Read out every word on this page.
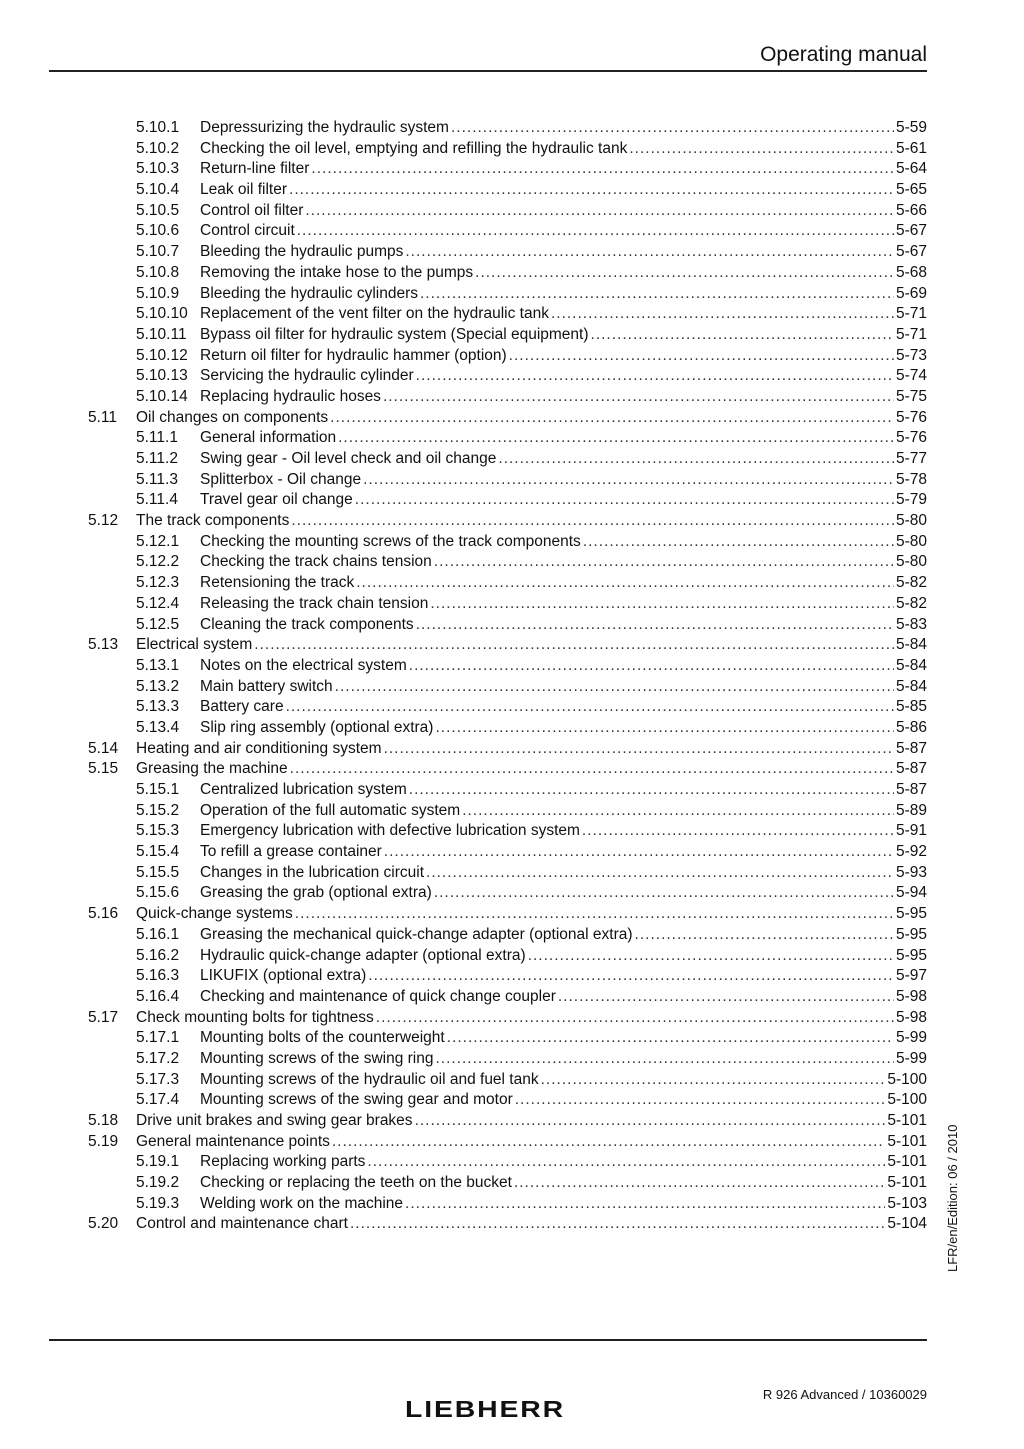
Operating manual
5.10.1	Depressurizing the hydraulic system .....	5-59
5.10.2	Checking the oil level, emptying and refilling the hydraulic tank .....	5-61
5.10.3	Return-line filter .....	5-64
5.10.4	Leak oil filter .....	5-65
5.10.5	Control oil filter .....	5-66
5.10.6	Control circuit .....	5-67
5.10.7	Bleeding the hydraulic pumps .....	5-67
5.10.8	Removing the intake hose to the pumps .....	5-68
5.10.9	Bleeding the hydraulic cylinders .....	5-69
5.10.10 Replacement of the vent filter on the hydraulic tank .....	5-71
5.10.11 Bypass oil filter for hydraulic system (Special equipment) .....	5-71
5.10.12 Return oil filter for hydraulic hammer (option) .....	5-73
5.10.13 Servicing the hydraulic cylinder .....	5-74
5.10.14 Replacing hydraulic hoses .....	5-75
5.11	Oil changes on components .....	5-76
5.11.1	General information .....	5-76
5.11.2	Swing gear - Oil level check and oil change .....	5-77
5.11.3	Splitterbox - Oil change .....	5-78
5.11.4	Travel gear oil change .....	5-79
5.12	The track components .....	5-80
5.12.1	Checking the mounting screws of the track components .....	5-80
5.12.2	Checking the track chains tension .....	5-80
5.12.3	Retensioning the track .....	5-82
5.12.4	Releasing the track chain tension .....	5-82
5.12.5	Cleaning the track components .....	5-83
5.13	Electrical system .....	5-84
5.13.1	Notes on the electrical system .....	5-84
5.13.2	Main battery switch .....	5-84
5.13.3	Battery care .....	5-85
5.13.4	Slip ring assembly (optional extra) .....	5-86
5.14	Heating and air conditioning system .....	5-87
5.15	Greasing the machine .....	5-87
5.15.1	Centralized lubrication system .....	5-87
5.15.2	Operation of the full automatic system .....	5-89
5.15.3	Emergency lubrication with defective lubrication system .....	5-91
5.15.4	To refill a grease container .....	5-92
5.15.5	Changes in the lubrication circuit .....	5-93
5.15.6	Greasing the grab (optional extra) .....	5-94
5.16	Quick-change systems .....	5-95
5.16.1	Greasing the mechanical quick-change adapter (optional extra) .....	5-95
5.16.2	Hydraulic quick-change adapter (optional extra) .....	5-95
5.16.3	LIKUFIX (optional extra) .....	5-97
5.16.4	Checking and maintenance of quick change coupler .....	5-98
5.17	Check mounting bolts for tightness .....	5-98
5.17.1	Mounting bolts of the counterweight .....	5-99
5.17.2	Mounting screws of the swing ring .....	5-99
5.17.3	Mounting screws of the hydraulic oil and fuel tank .....	5-100
5.17.4	Mounting screws of the swing gear and motor .....	5-100
5.18	Drive unit brakes and swing gear brakes .....	5-101
5.19	General maintenance points .....	5-101
5.19.1	Replacing working parts .....	5-101
5.19.2	Checking or replacing the teeth on the bucket .....	5-101
5.19.3	Welding work on the machine .....	5-103
5.20	Control and maintenance chart .....	5-104 LFR/en/Edition: 06 / 2010
R 926 Advanced / 10360029
LIEBHERR
